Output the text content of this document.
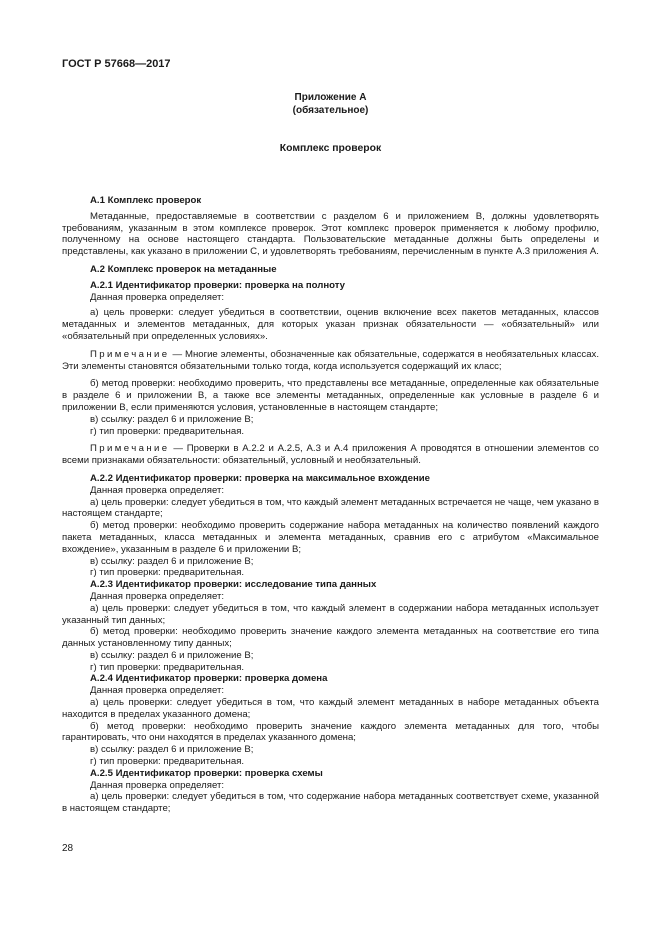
ГОСТ Р 57668—2017

Приложение А
(обязательное)

Комплекс проверок

А.1 Комплекс проверок

Метаданные, предоставляемые в соответствии с разделом 6 и приложением В, должны удовлетворять требованиям, указанным в этом комплексе проверок. Этот комплекс проверок применяется к любому профилю, полученному на основе настоящего стандарта. Пользовательские метаданные должны быть определены и представлены, как указано в приложении С, и удовлетворять требованиям, перечисленным в пункте А.3 приложения А.

А.2 Комплекс проверок на метаданные

А.2.1 Идентификатор проверки: проверка на полноту

Данная проверка определяет:

а) цель проверки: следует убедиться в соответствии, оценив включение всех пакетов метаданных, классов метаданных и элементов метаданных, для которых указан признак обязательности — «обязательный» или «обязательный при определенных условиях».

Примечание — Многие элементы, обозначенные как обязательные, содержатся в необязательных классах. Эти элементы становятся обязательными только тогда, когда используется содержащий их класс;

б) метод проверки: необходимо проверить, что представлены все метаданные, определенные как обязательные в разделе 6 и приложении В, а также все элементы метаданных, определенные как условные в разделе 6 и приложении В, если применяются условия, установленные в настоящем стандарте;

в) ссылку: раздел 6 и приложение В;

г) тип проверки: предварительная.

Примечание — Проверки в А.2.2 и А.2.5, А.3 и А.4 приложения А проводятся в отношении элементов со всеми признаками обязательности: обязательный, условный и необязательный.

А.2.2 Идентификатор проверки: проверка на максимальное вхождение

Данная проверка определяет:

а) цель проверки: следует убедиться в том, что каждый элемент метаданных встречается не чаще, чем указано в настоящем стандарте;

б) метод проверки: необходимо проверить содержание набора метаданных на количество появлений каждого пакета метаданных, класса метаданных и элемента метаданных, сравнив его с атрибутом «Максимальное вхождение», указанным в разделе 6 и приложении В;

в) ссылку: раздел 6 и приложение В;

г) тип проверки: предварительная.

А.2.3 Идентификатор проверки: исследование типа данных

Данная проверка определяет:

а) цель проверки: следует убедиться в том, что каждый элемент в содержании набора метаданных использует указанный тип данных;

б) метод проверки: необходимо проверить значение каждого элемента метаданных на соответствие его типа данных установленному типу данных;

в) ссылку: раздел 6 и приложение В;

г) тип проверки: предварительная.

А.2.4 Идентификатор проверки: проверка домена

Данная проверка определяет:

а) цель проверки: следует убедиться в том, что каждый элемент метаданных в наборе метаданных объекта находится в пределах указанного домена;

б) метод проверки: необходимо проверить значение каждого элемента метаданных для того, чтобы гарантировать, что они находятся в пределах указанного домена;

в) ссылку: раздел 6 и приложение В;

г) тип проверки: предварительная.

А.2.5 Идентификатор проверки: проверка схемы

Данная проверка определяет:

а) цель проверки: следует убедиться в том, что содержание набора метаданных соответствует схеме, указанной в настоящем стандарте;

28
